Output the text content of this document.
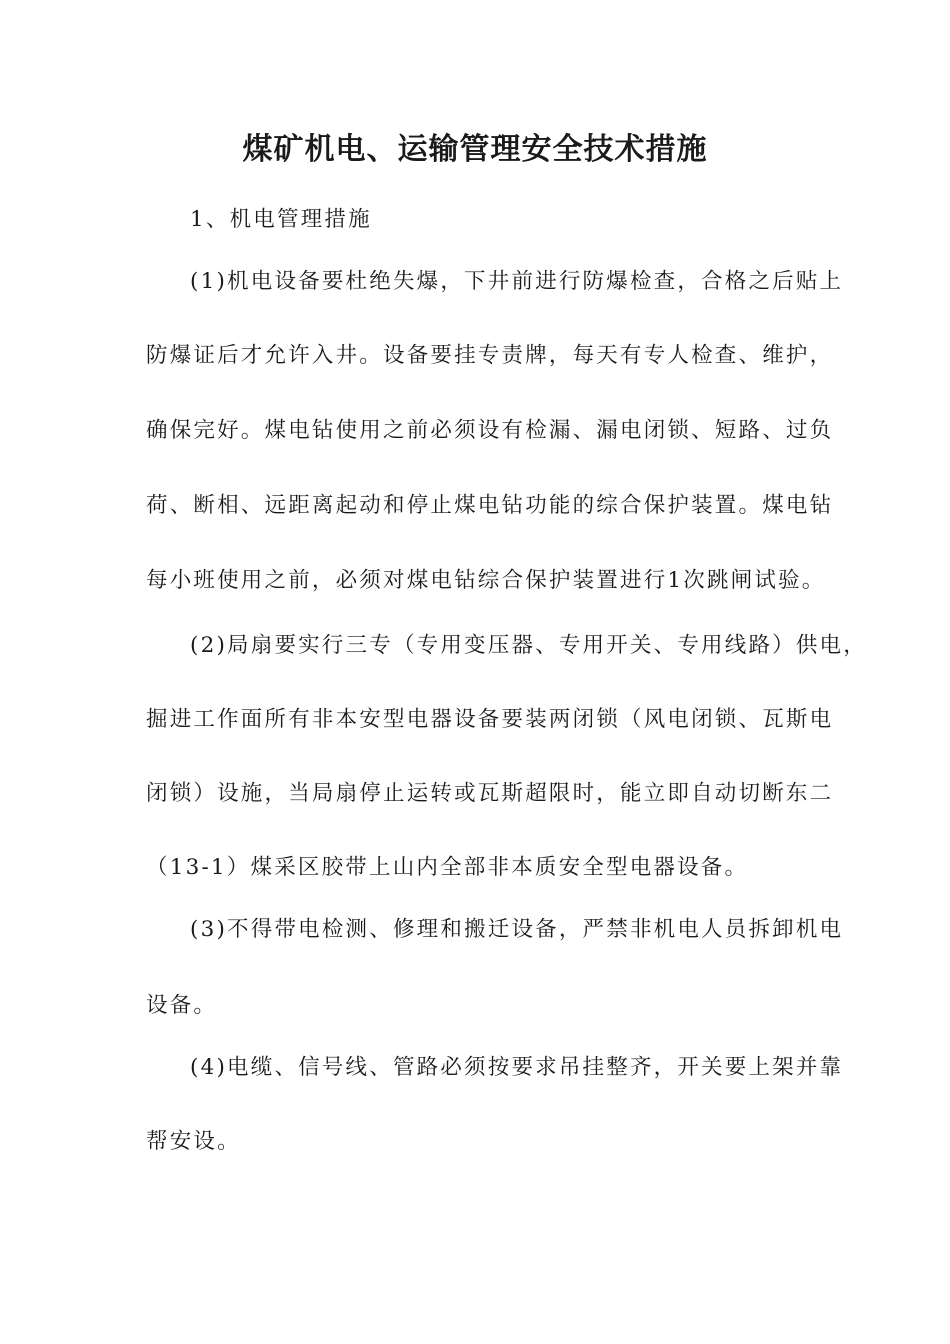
煤矿机电、运输管理安全技术措施
1、机电管理措施
(1)机电设备要杜绝失爆，下井前进行防爆检查，合格之后贴上
防爆证后才允许入井。设备要挂专责牌，每天有专人检查、维护，
确保完好。煤电钻使用之前必须设有检漏、漏电闭锁、短路、过负
荷、断相、远距离起动和停止煤电钻功能的综合保护装置。煤电钻
每小班使用之前，必须对煤电钻综合保护装置进行1次跳闸试验。
(2)局扇要实行三专（专用变压器、专用开关、专用线路）供电，
掘进工作面所有非本安型电器设备要装两闭锁（风电闭锁、瓦斯电
闭锁）设施，当局扇停止运转或瓦斯超限时，能立即自动切断东二
（13-1）煤采区胶带上山内全部非本质安全型电器设备。
(3)不得带电检测、修理和搬迁设备，严禁非机电人员拆卸机电
设备。
(4)电缆、信号线、管路必须按要求吊挂整齐，开关要上架并靠
帮安设。
